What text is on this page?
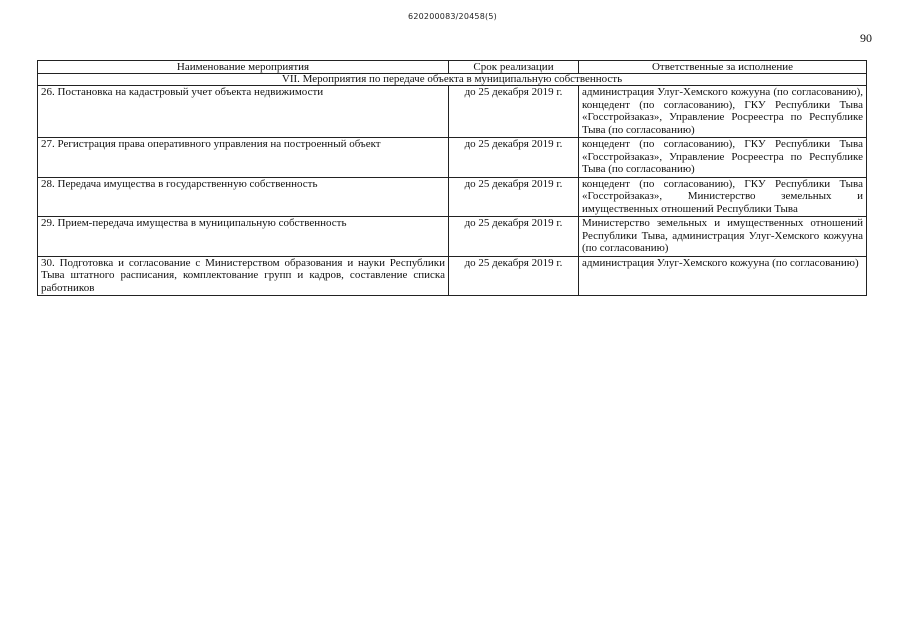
620200083/20458(5)
90
Наименование мероприятия	Срок реализации	Ответственные за исполнение
VII. Мероприятия по передаче объекта в муниципальную собственность		
26. Постановка на кадастровый учет объекта недвижимости	до 25 декабря 2019 г.	администрация Улуг-Хемского кожууна (по согласованию), концедент (по согласованию), ГКУ Республики Тыва «Госстройзаказ», Управление Росреестра по Республике Тыва (по согласованию)
27. Регистрация права оперативного управления на построенный объект	до 25 декабря 2019 г.	концедент (по согласованию), ГКУ Республики Тыва «Госстройзаказ», Управление Росреестра по Республике Тыва (по согласованию)
28. Передача имущества в государственную собственность	до 25 декабря 2019 г.	концедент (по согласованию), ГКУ Республики Тыва «Госстройзаказ», Министерство земельных и имущественных отношений Республики Тыва
29. Прием-передача имущества в муниципальную собственность	до 25 декабря 2019 г.	Министерство земельных и имущественных отношений Республики Тыва, администрация Улуг-Хемского кожууна (по согласованию)
30. Подготовка и согласование с Министерством образования и науки Республики Тыва штатного расписания, комплектование групп и кадров, составление списка работников	до 25 декабря 2019 г.	администрация Улуг-Хемского кожууна (по согласованию)
